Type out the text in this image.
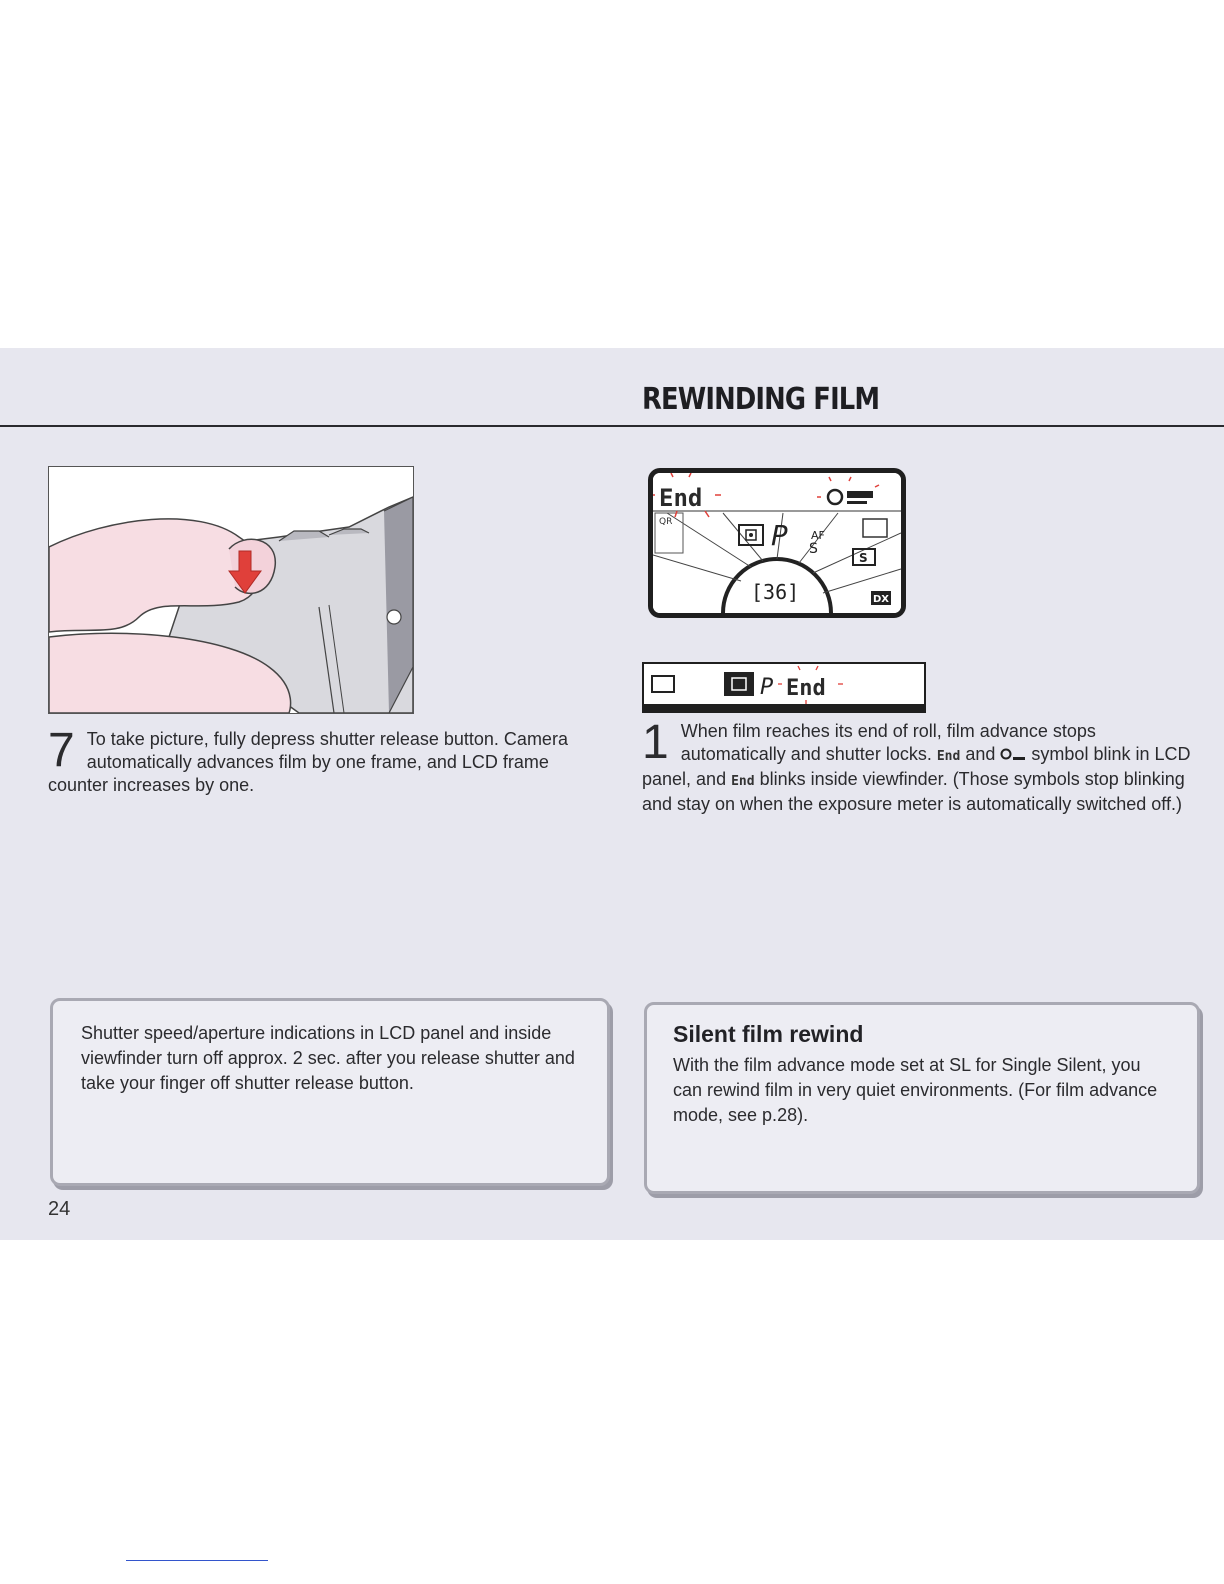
REWINDING FILM
7 To take picture, fully depress shutter release button. Camera automatically advances film by one frame, and LCD frame counter increases by one.
QR
End
P AF
S
S
[36]	DX
P End
1 When film reaches its end of roll, film advance stops automatically and shutter locks. End and symbol blink in LCD panel, and End blinks inside viewfinder. (Those symbols stop blinking and stay on when the exposure meter is automatically switched off.)

Shutter speed/aperture indications in LCD panel and inside viewfinder turn off approx. 2 sec. after you release shutter and take your finger off shutter release button.

Silent film rewind

With the film advance mode set at SL for Single Silent, you can rewind film in very quiet environments. (For film advance mode, see p.28).

24
